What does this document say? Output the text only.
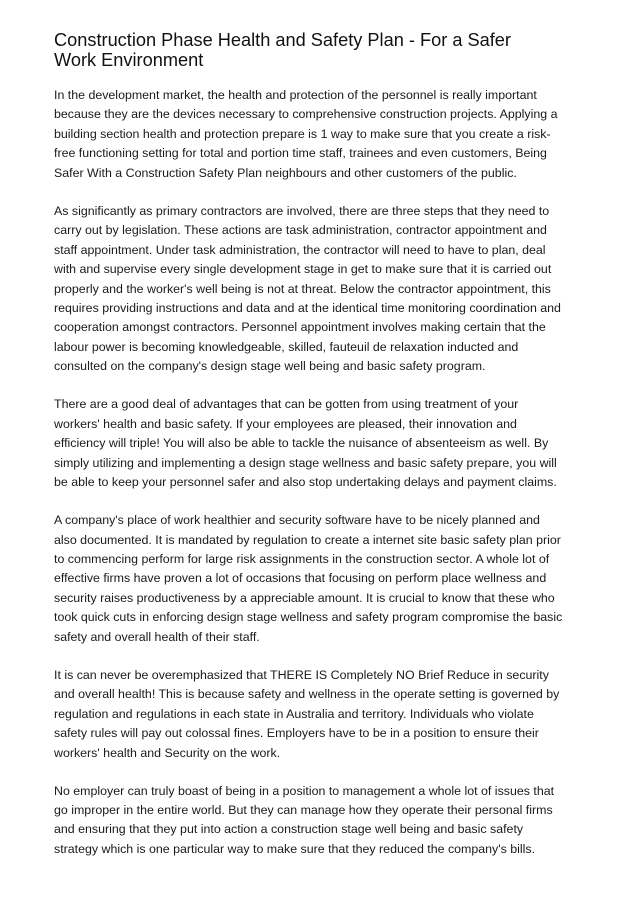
Construction Phase Health and Safety Plan - For a Safer
Work Environment

In the development market, the health and protection of the personnel is really important
because they are the devices necessary to comprehensive construction projects. Applying a
building section health and protection prepare is 1 way to make sure that you create a risk-
free functioning setting for total and portion time staff, trainees and even customers, Being
Safer With a Construction Safety Plan neighbours and other customers of the public.

As significantly as primary contractors are involved, there are three steps that they need to
carry out by legislation. These actions are task administration, contractor appointment and
staff appointment. Under task administration, the contractor will need to have to plan, deal
with and supervise every single development stage in get to make sure that it is carried out
properly and the worker's well being is not at threat. Below the contractor appointment, this
requires providing instructions and data and at the identical time monitoring coordination and
cooperation amongst contractors. Personnel appointment involves making certain that the
labour power is becoming knowledgeable, skilled, fauteuil de relaxation inducted and
consulted on the company's design stage well being and basic safety program.

There are a good deal of advantages that can be gotten from using treatment of your
workers' health and basic safety. If your employees are pleased, their innovation and
efficiency will triple! You will also be able to tackle the nuisance of absenteeism as well. By
simply utilizing and implementing a design stage wellness and basic safety prepare, you will
be able to keep your personnel safer and also stop undertaking delays and payment claims.

A company's place of work healthier and security software have to be nicely planned and
also documented. It is mandated by regulation to create a internet site basic safety plan prior
to commencing perform for large risk assignments in the construction sector. A whole lot of
effective firms have proven a lot of occasions that focusing on perform place wellness and
security raises productiveness by a appreciable amount. It is crucial to know that these who
took quick cuts in enforcing design stage wellness and safety program compromise the basic
safety and overall health of their staff.

It is can never be overemphasized that THERE IS Completely NO Brief Reduce in security
and overall health! This is because safety and wellness in the operate setting is governed by
regulation and regulations in each state in Australia and territory. Individuals who violate
safety rules will pay out colossal fines. Employers have to be in a position to ensure their
workers' health and Security on the work.

No employer can truly boast of being in a position to management a whole lot of issues that
go improper in the entire world. But they can manage how they operate their personal firms
and ensuring that they put into action a construction stage well being and basic safety
strategy which is one particular way to make sure that they reduced the company's bills.
